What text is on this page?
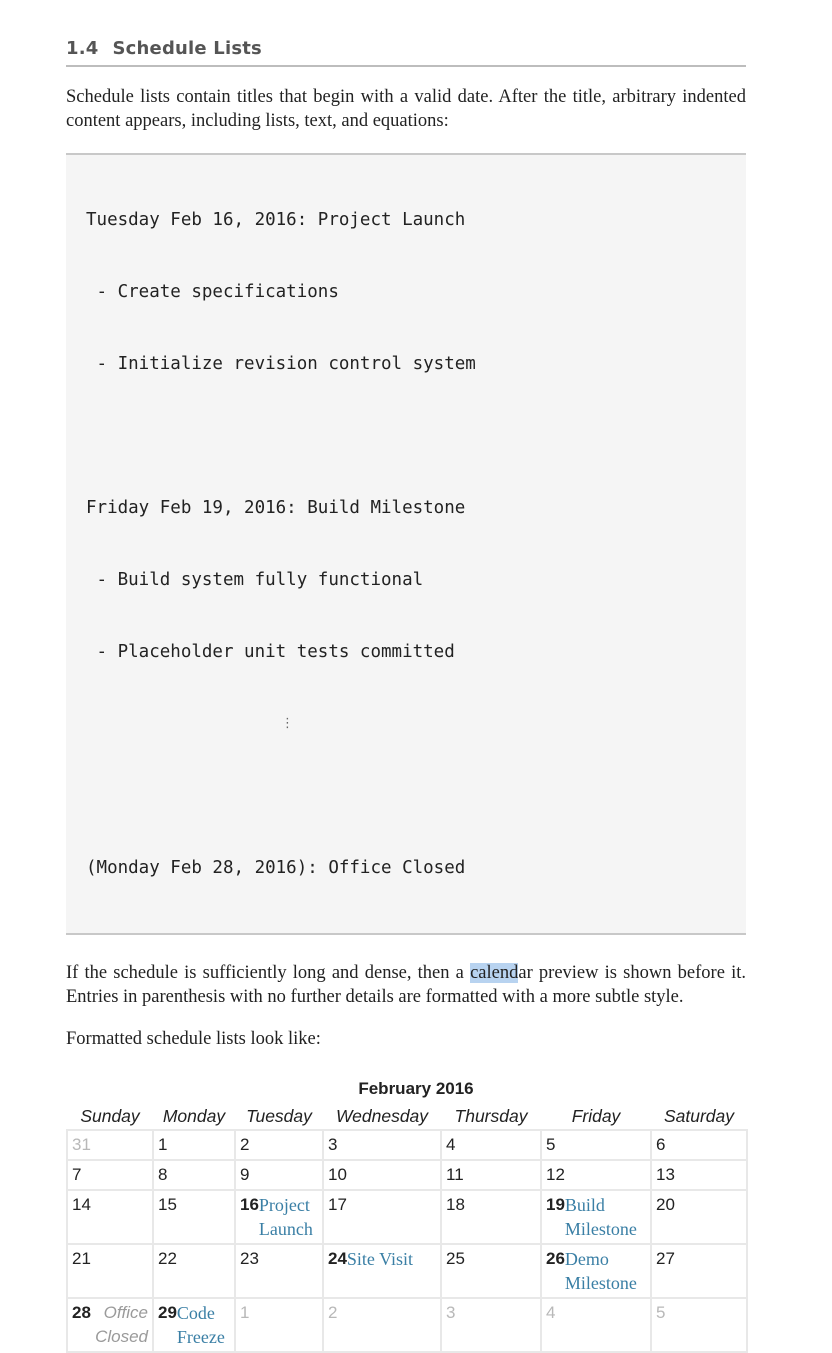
1.4 Schedule Lists

Schedule lists contain titles that begin with a valid date. After the title, arbitrary indented content appears, including lists, text, and equations:

Tuesday Feb 16, 2016: Project Launch

- Create specifications

- Initialize revision control system

Friday Feb 19, 2016: Build Milestone

- Build system fully functional

- Placeholder unit tests committed

⋮

(Monday Feb 28, 2016): Office Closed

If the schedule is sufficiently long and dense, then a calendar preview is shown before it. Entries in parenthesis with no further details are formatted with a more subtle style.

Formatted schedule lists look like:

February 2016
Sunday	Monday	Tuesday	Wednesday	Thursday	Friday	Saturday
31	1	2	3	4	5	6
7	8	9	10	11	12	13
14	15	16 Project Launch	17	18	19 Build Milestone	20
21	22	23	24 Site Visit	25	26 Demo Milestone	27

28 Office Closed	29 Code Freeze	1	2	3	4	5
